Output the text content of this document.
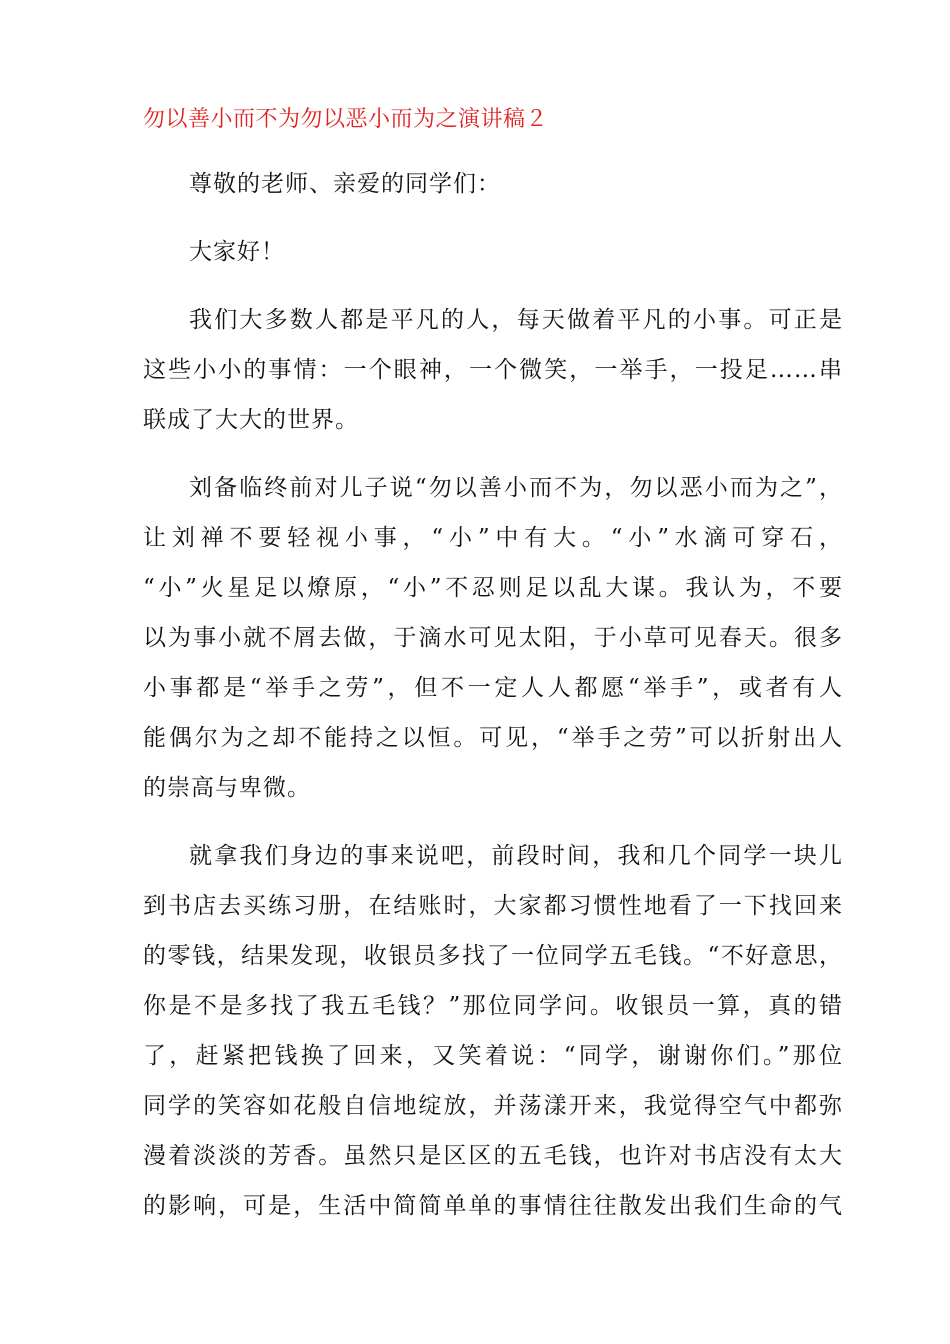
勿以善小而不为勿以恶小而为之演讲稿２
尊敬的老师、亲爱的同学们：
大家好！
我们大多数人都是平凡的人，每天做着平凡的小事。可正是
这些小小的事情：一个眼神，一个微笑，一举手，一投足……串
联成了大大的世界。
刘备临终前对儿子说“勿以善小而不为，勿以恶小而为之”，
让刘禅不要轻视小事，“小”中有大。“小”水滴可穿石，
“小”火星足以燎原，“小”不忍则足以乱大谋。我认为，不要
以为事小就不屑去做，于滴水可见太阳，于小草可见春天。很多
小事都是“举手之劳”，但不一定人人都愿“举手”，或者有人
能偶尔为之却不能持之以恒。可见，“举手之劳”可以折射出人
的崇高与卑微。
就拿我们身边的事来说吧，前段时间，我和几个同学一块儿
到书店去买练习册，在结账时，大家都习惯性地看了一下找回来
的零钱，结果发现，收银员多找了一位同学五毛钱。“不好意思，
你是不是多找了我五毛钱？”那位同学问。收银员一算，真的错
了，赶紧把钱换了回来，又笑着说：“同学，谢谢你们。”那位
同学的笑容如花般自信地绽放，并荡漾开来，我觉得空气中都弥
漫着淡淡的芳香。虽然只是区区的五毛钱，也许对书店没有太大
的影响，可是，生活中简简单单的事情往往散发出我们生命的气
